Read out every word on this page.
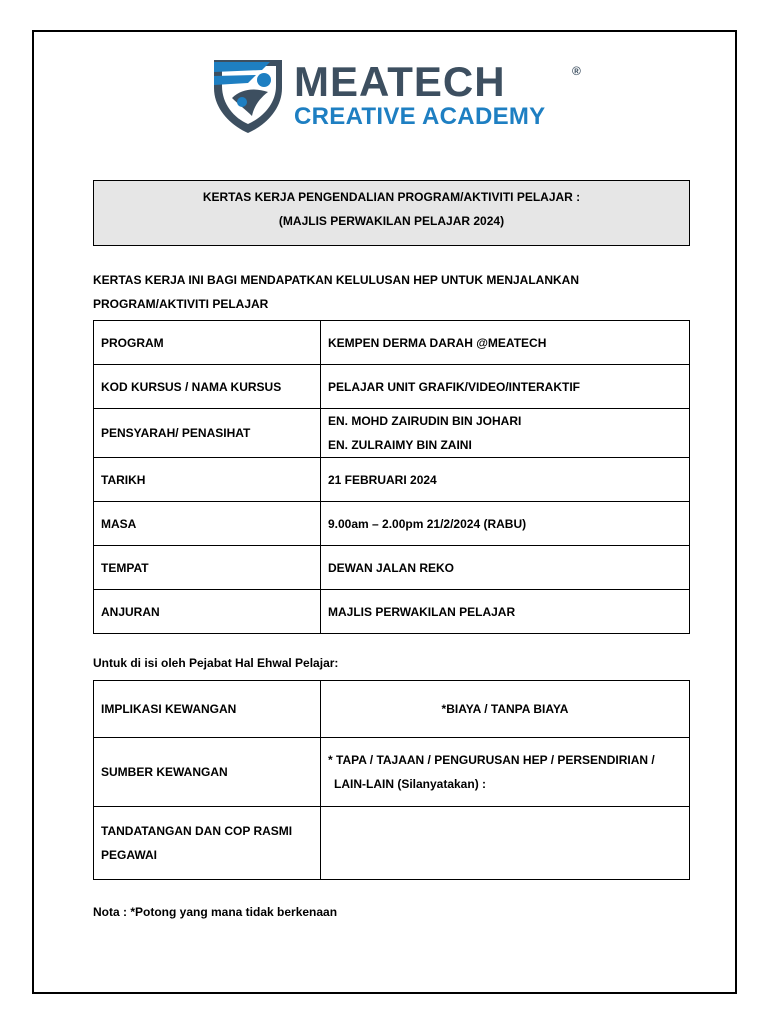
MEATECH	®
CREATIVE ACADEMY
KERTAS KERJA PENGENDALIAN PROGRAM/AKTIVITI PELAJAR :
(MAJLIS PERWAKILAN PELAJAR 2024)
KERTAS KERJA INI BAGI MENDAPATKAN KELULUSAN HEP UNTUK MENJALANKAN
PROGRAM/AKTIVITI PELAJAR
PROGRAM	KEMPEN DERMA DARAH @MEATECH
KOD KURSUS / NAMA KURSUS	PELAJAR UNIT GRAFIK/VIDEO/INTERAKTIF
PENSYARAH/ PENASIHAT	EN. MOHD ZAIRUDIN BIN JOHARI
EN. ZULRAIMY BIN ZAINI

TARIKH	21 FEBRUARI 2024
MASA	9.00am – 2.00pm 21/2/2024 (RABU)
TEMPAT	DEWAN JALAN REKO
ANJURAN	MAJLIS PERWAKILAN PELAJAR
Untuk di isi oleh Pejabat Hal Ehwal Pelajar:
IMPLIKASI KEWANGAN	*BIAYA / TANPA BIAYA
SUMBER KEWANGAN	* TAPA / TAJAAN / PENGURUSAN HEP / PERSENDIRIAN /
LAIN-LAIN (Silanyatakan) :

TANDATANGAN DAN COP RASMI
PEGAWAI	

Nota : *Potong yang mana tidak berkenaan
